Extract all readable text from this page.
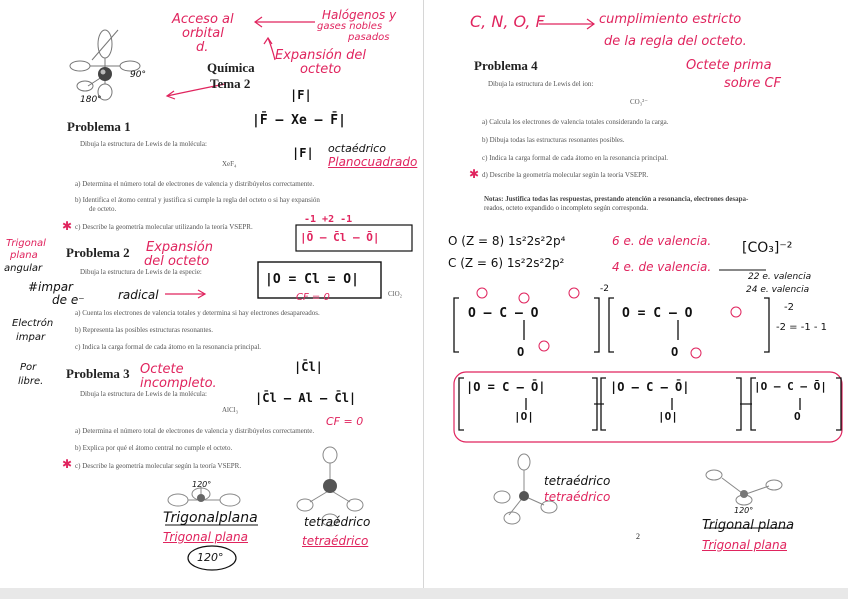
Química
Tema 2
Acceso al
orbital
d.
Halógenos y
gases nobles
pasados
Expansión del
octeto
90°
180°	|F|
|F̄ — Xe — F̄|
|F| octaédrico
Planocuadrado
Problema 1
Dibuja la estructura de Lewis de la molécula:
XeF₄
a) Determina el número total de electrones de valencia y distribúyelos correctamente.
b) Identifica el átomo central y justifica si cumple la regla del octeto o si hay expansión
de octeto.
✱ c) Describe la geometría molecular utilizando la teoría VSEPR.
-1 +2 -1
|Ō — C̄l — Ō|
|O = Cl = O|
CF = 0
Trigonal
plana
angular
Problema 2 Expansión
del octeto
Dibuja la estructura de Lewis de la especie:
ClO₂
#impar
de e⁻	radical
Electrón
impar
Por
libre.
a) Cuenta los electrones de valencia totales y determina si hay electrones desapareados.
b) Representa las posibles estructuras resonantes.
c) Indica la carga formal de cada átomo en la resonancia principal.
Problema 3 Octete
incompleto.
Dibuja la estructura de Lewis de la molécula:
AlCl₃
|C̄l|
|C̄l — Al — C̄l|
CF = 0
a) Determina el número total de electrones de valencia y distribúyelos correctamente.
b) Explica por qué el átomo central no cumple el octeto.
✱ c) Describe la geometría molecular según la teoría VSEPR.
120°
Trigonalplana
Trigonal plana
120°
tetraédrico
tetraédrico
C, N, O, F	cumplimiento estricto
de la regla del octeto.
Octete prima
sobre CF
Problema 4
Dibuja la estructura de Lewis del ion:
CO₃²⁻
a) Calcula los electrones de valencia totales considerando la carga.
b) Dibuja todas las estructuras resonantes posibles.
c) Indica la carga formal de cada átomo en la resonancia principal.
✱ d) Describe la geometría molecular según la teoría VSEPR.
Notas: Justifica todas las respuestas, prestando atención a resonancia, electrones desapa-
reados, octeto expandido o incompleto según corresponda.
O (Z = 8) 1s²2s²2p⁴
C (Z = 6) 1s²2s²2p²
6 e. de valencia.
4 e. de valencia.
[CO₃]⁻²
22 e. valencia
24 e. valencia
-2
-2
-2 = -1 - 1
O — C — O
O
O = C — O
O
|O = C — Ō|
|O|
|O — C — Ō|
|O|
|O — C — Ō|
O
tetraédrico
tetraédrico
120°
Trigonal plana
Trigonal plana
2
